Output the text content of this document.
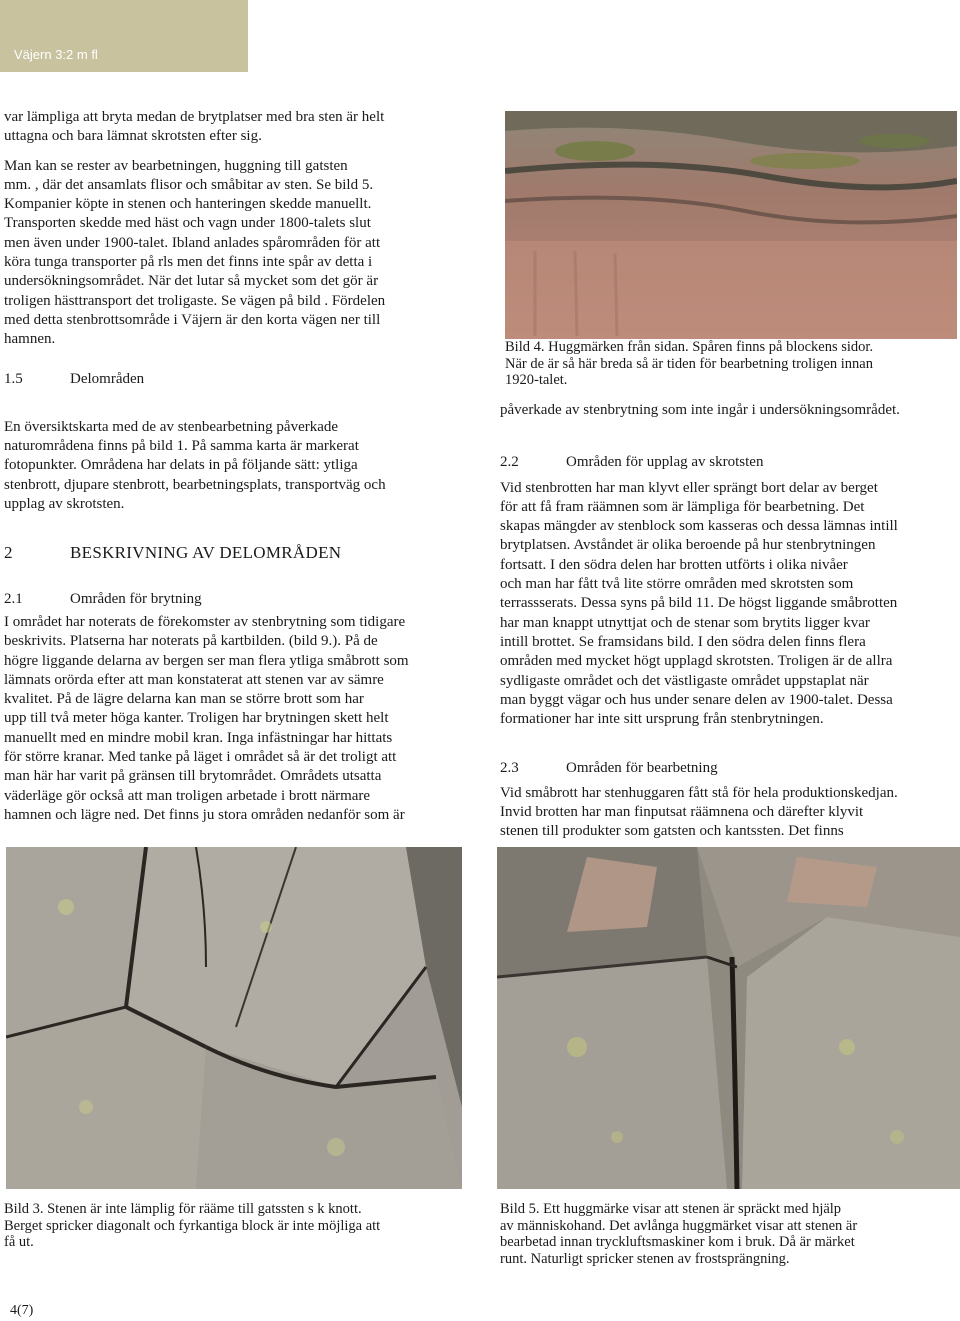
Väjern 3:2 m fl

var lämpliga att bryta medan de brytplatser med bra sten är helt
uttagna och bara lämnat skrotsten efter sig.

Man kan se rester av bearbetningen, huggning till gatsten
mm. , där det ansamlats flisor och småbitar av sten. Se bild 5.
Kompanier köpte in stenen och hanteringen skedde manuellt.
Transporten skedde med häst och vagn under 1800-talets slut
men även under 1900-talet. Ibland anlades spårområden för att
köra tunga transporter på rls men det finns inte spår av detta i
undersökningsområdet. När det lutar så mycket som det gör är
troligen hästtransport det troligaste. Se vägen på bild . Fördelen
med detta stenbrottsområde i Väjern är den korta vägen ner till
hamnen.

1.5	Delområden

En översiktskarta med de av stenbearbetning påverkade
naturområdena finns på bild 1. På samma karta är markerat
fotopunkter. Områdena har delats in på följande sätt: ytliga
stenbrott, djupare stenbrott, bearbetningsplats, transportväg och
upplag av skrotsten.

2	BESKRIVNING AV DELOMRÅDEN
2.1	Områden för brytning

I området har noterats de förekomster av stenbrytning som tidigare
beskrivits. Platserna har noterats på kartbilden. (bild 9.). På de
högre liggande delarna av bergen ser man flera ytliga småbrott som
lämnats orörda efter att man konstaterat att stenen var av sämre
kvalitet. På de lägre delarna kan man se större brott som har
upp till två meter höga kanter. Troligen har brytningen skett helt
manuellt med en mindre mobil kran. Inga infästningar har hittats
för större kranar. Med tanke på läget i området så är det troligt att
man här har varit på gränsen till brytområdet. Områdets utsatta
väderläge gör också att man troligen arbetade i brott närmare
hamnen och lägre ned. Det finns ju stora områden nedanför som är

Bild 4. Huggmärken från sidan. Spåren finns på blockens sidor.
När de är så här breda så är tiden för bearbetning troligen innan
1920-talet.

påverkade av stenbrytning som inte ingår i undersökningsområdet.

2.2	Områden för upplag av skrotsten

Vid stenbrotten har man klyvt eller sprängt bort delar av berget
för att få fram räämnen som är lämpliga för bearbetning. Det
skapas mängder av stenblock som kasseras och dessa lämnas intill
brytplatsen. Avståndet är olika beroende på hur stenbrytningen
fortsatt. I den södra delen har brotten utförts i olika nivåer
och man har fått två lite större områden med skrotsten som
terrassserats. Dessa syns på bild 11. De högst liggande småbrotten
har man knappt utnyttjat och de stenar som brytits ligger kvar
intill brottet. Se framsidans bild. I den södra delen finns flera
områden med mycket högt upplagd skrotsten. Troligen är de allra
sydligaste området och det västligaste området uppstaplat när
man byggt vägar och hus under senare delen av 1900-talet. Dessa
formationer har inte sitt ursprung från stenbrytningen.

2.3	Områden för bearbetning

Vid småbrott har stenhuggaren fått stå för hela produktionskedjan.
Invid brotten har man finputsat räämnena och därefter klyvit
stenen till produkter som gatsten och kantssten. Det finns

Bild 3. Stenen är inte lämplig för rääme till gatssten s k knott.
Berget spricker diagonalt och fyrkantiga block är inte möjliga att
få ut.

Bild 5. Ett huggmärke visar att stenen är spräckt med hjälp
av människohand. Det avlånga huggmärket visar att stenen är
bearbetad innan tryckluftsmaskiner kom i bruk. Då är märket
runt. Naturligt spricker stenen av frostsprängning.

4(7)
